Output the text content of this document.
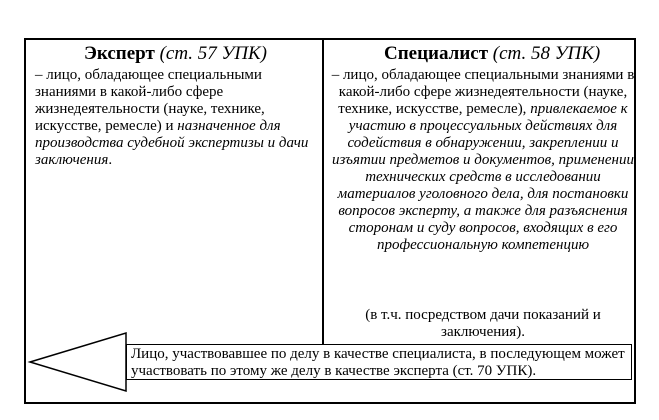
Эксперт (ст. 57 УПК)
– лицо, обладающее специальными знаниями в какой-либо сфере жизнедеятельности (науке, технике, искусстве, ремесле) и назначенное для производства судебной экспертизы и дачи заключения.
Специалист (ст. 58 УПК)
– лицо, обладающее специальными знаниями в какой-либо сфере жизнедеятельности (науке, технике, искусстве, ремесле), привлекаемое к участию в процессуальных действиях для содействия в обнаружении, закреплении и изъятии предметов и документов, применении технических средств в исследовании материалов уголовного дела, для постановки вопросов эксперту, а также для разъяснения сторонам и суду вопросов, входящих в его профессиональную компетенцию
(в т.ч. посредством дачи показаний и заключения).
Лицо, участвовавшее по делу в качестве специалиста, в последующем может участвовать по этому же делу в качестве эксперта (ст. 70 УПК).
